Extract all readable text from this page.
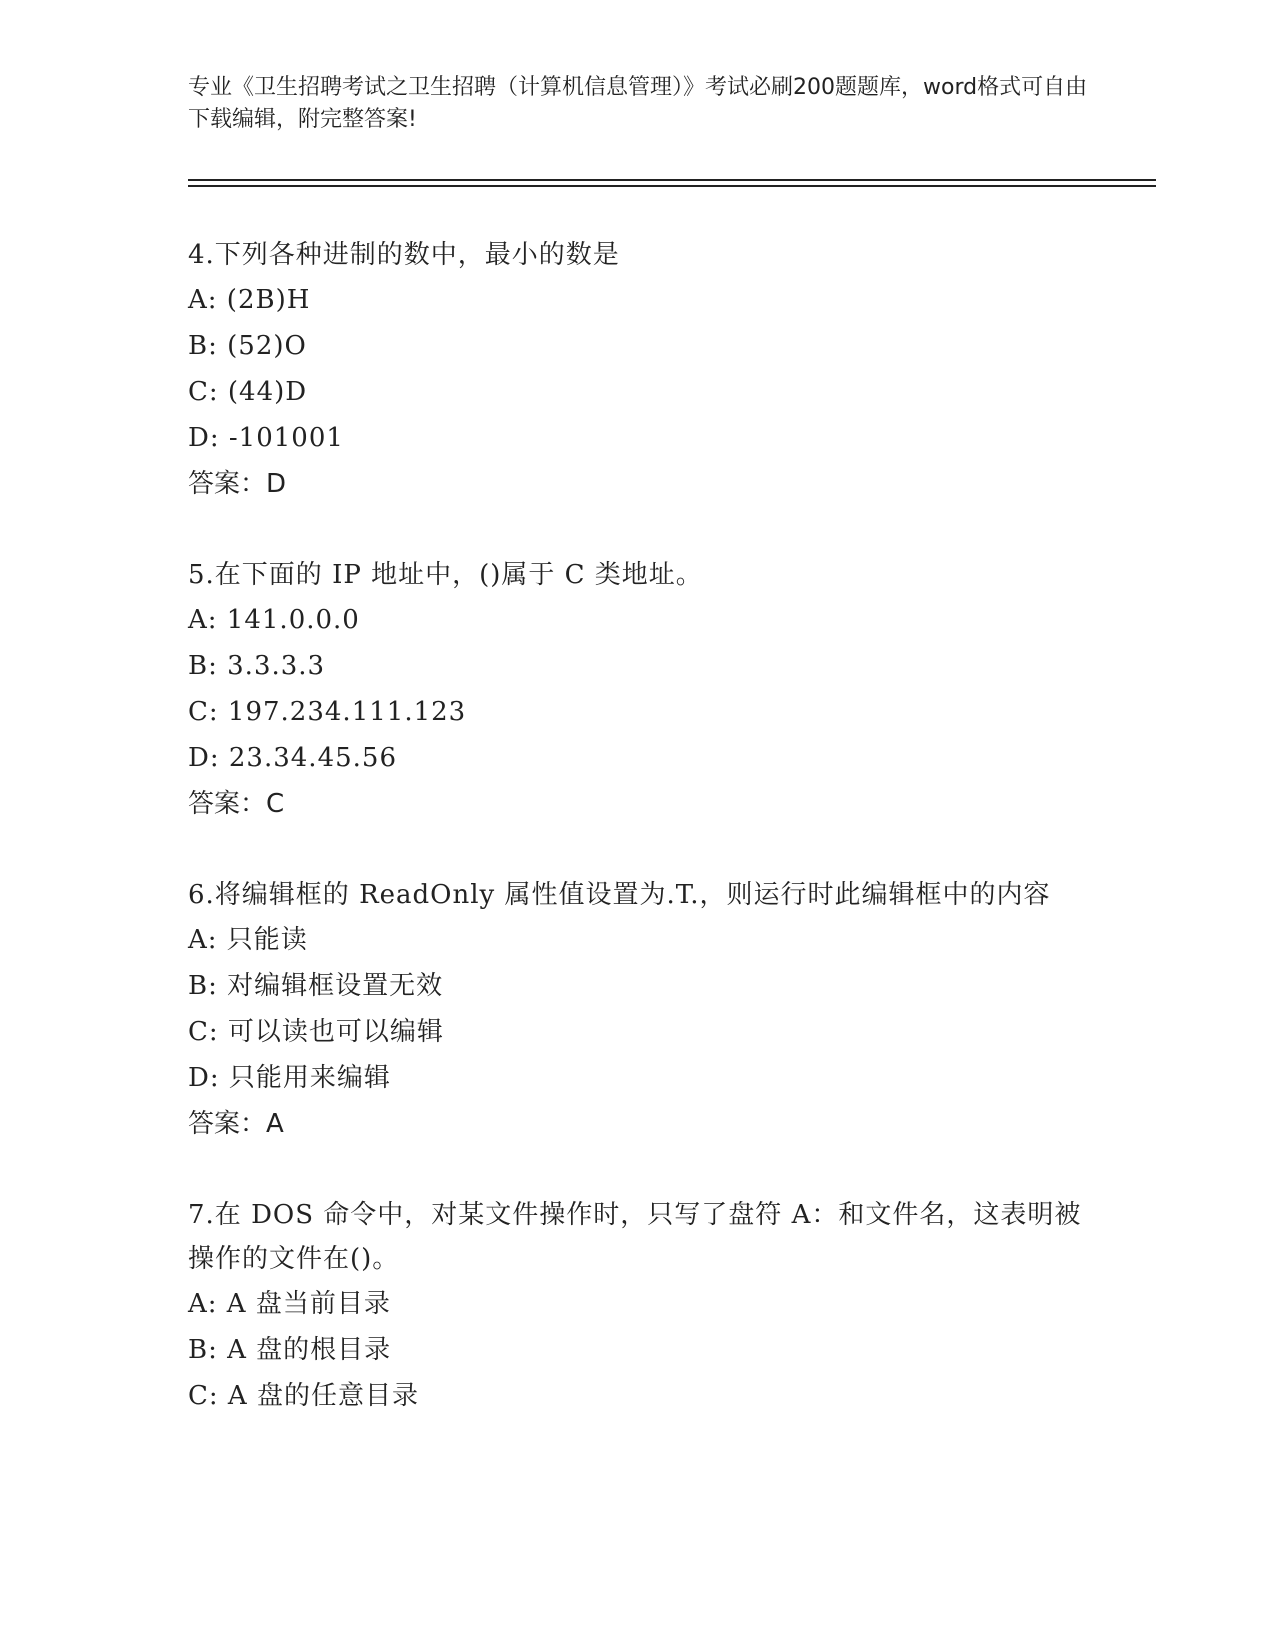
专业《卫生招聘考试之卫生招聘（计算机信息管理）》考试必刷200题题库，word格式可自由下载编辑，附完整答案!
4.下列各种进制的数中，最小的数是
A: (2B)H
B: (52)O
C: (44)D
D: -101001
答案：D
5.在下面的 IP 地址中，()属于 C 类地址。
A: 141.0.0.0
B: 3.3.3.3
C: 197.234.111.123
D: 23.34.45.56
答案：C
6.将编辑框的 ReadOnly 属性值设置为.T.，则运行时此编辑框中的内容
A: 只能读
B: 对编辑框设置无效
C: 可以读也可以编辑
D: 只能用来编辑
答案：A
7.在 DOS 命令中，对某文件操作时，只写了盘符 A：和文件名，这表明被操作的文件在()。
A: A 盘当前目录
B: A 盘的根目录
C: A 盘的任意目录
